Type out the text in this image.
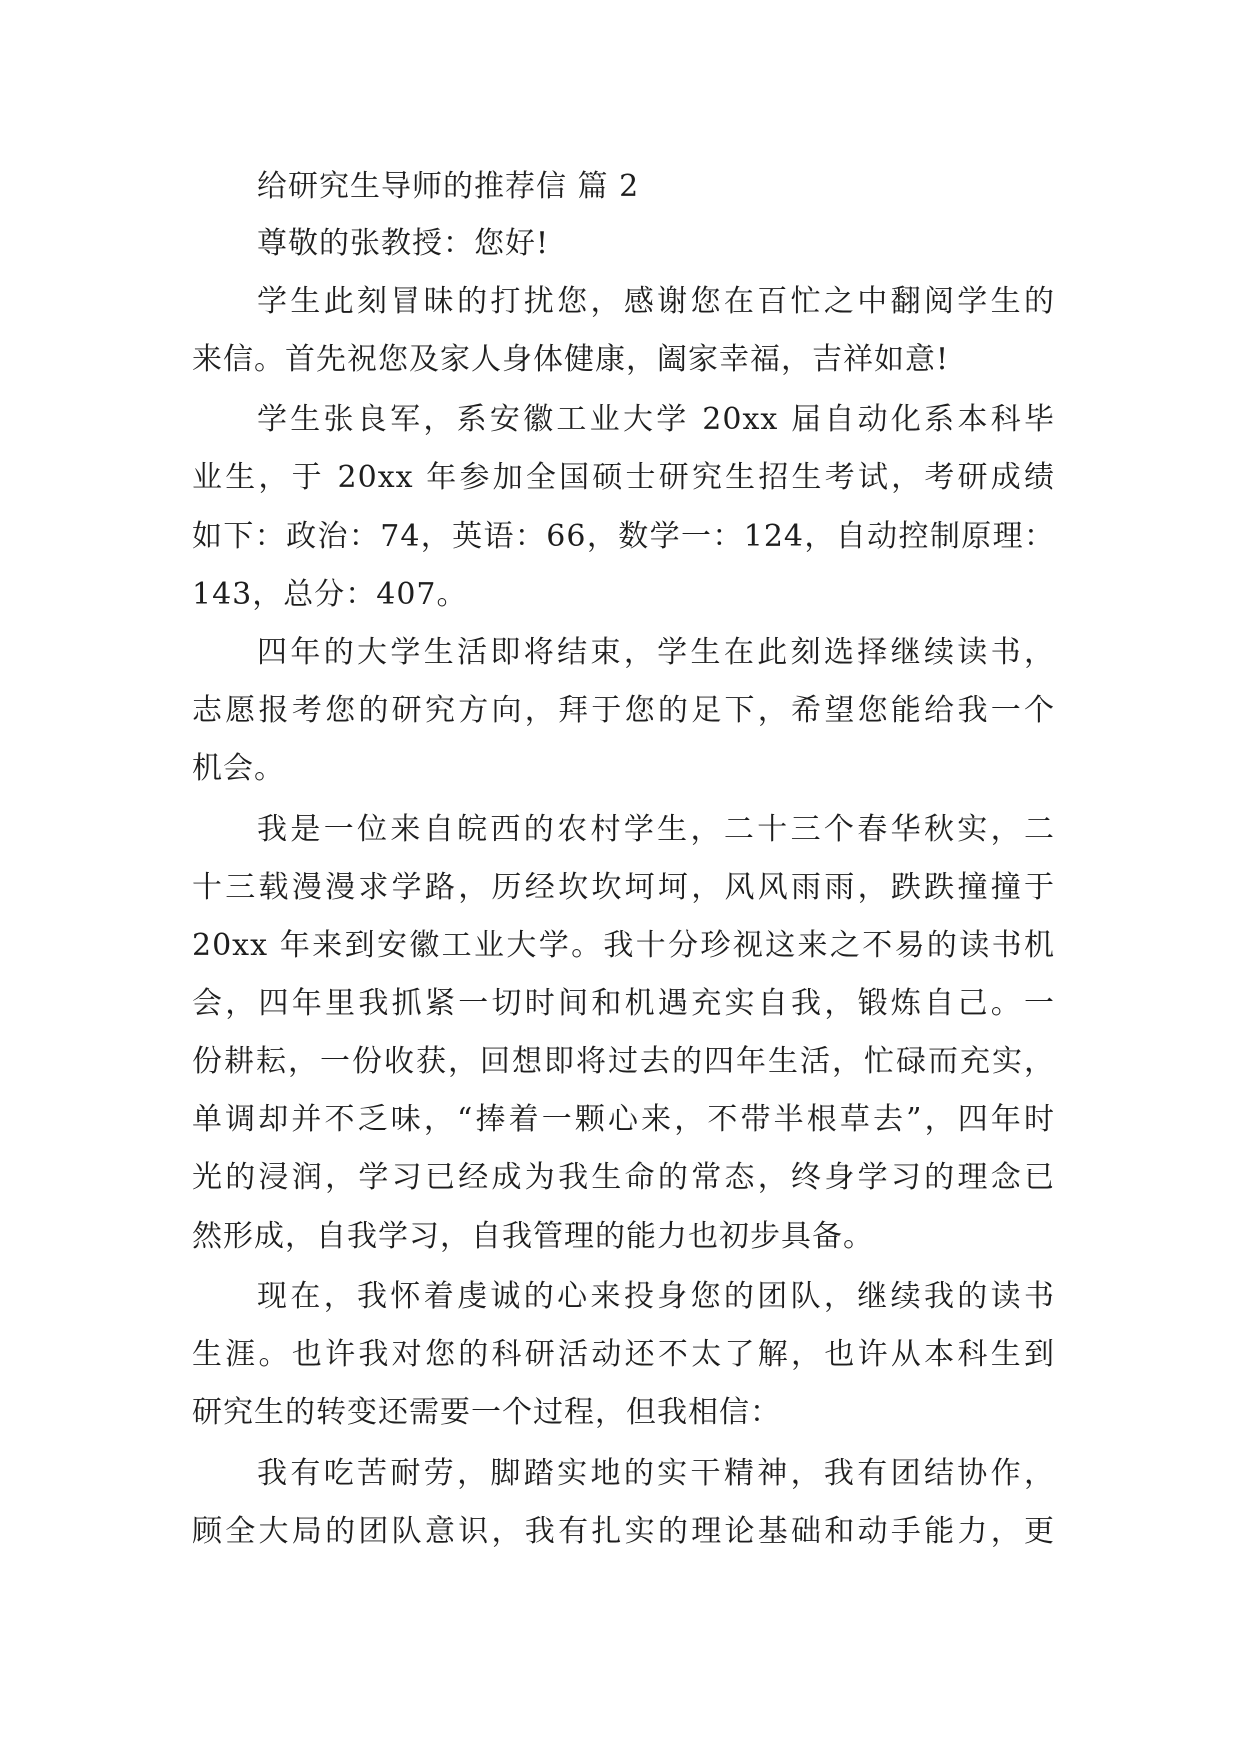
给研究生导师的推荐信 篇 2
尊敬的张教授：您好!
学生此刻冒昧的打扰您，感谢您在百忙之中翻阅学生的
来信。首先祝您及家人身体健康，阖家幸福，吉祥如意!
学生张良军，系安徽工业大学 20xx 届自动化系本科毕
业生，于 20xx 年参加全国硕士研究生招生考试，考研成绩
如下：政治：74，英语：66，数学一：124，自动控制原理：
143，总分：407。
四年的大学生活即将结束，学生在此刻选择继续读书，
志愿报考您的研究方向，拜于您的足下，希望您能给我一个
机会。
我是一位来自皖西的农村学生，二十三个春华秋实，二
十三载漫漫求学路，历经坎坎坷坷，风风雨雨，跌跌撞撞于
20xx 年来到安徽工业大学。我十分珍视这来之不易的读书机
会，四年里我抓紧一切时间和机遇充实自我，锻炼自己。一
份耕耘，一份收获，回想即将过去的四年生活，忙碌而充实，
单调却并不乏味，“捧着一颗心来，不带半根草去”，四年时
光的浸润，学习已经成为我生命的常态，终身学习的理念已
然形成，自我学习，自我管理的能力也初步具备。
现在，我怀着虔诚的心来投身您的团队，继续我的读书
生涯。也许我对您的科研活动还不太了解，也许从本科生到
研究生的转变还需要一个过程，但我相信：
我有吃苦耐劳，脚踏实地的实干精神，我有团结协作，
顾全大局的团队意识，我有扎实的理论基础和动手能力，更
